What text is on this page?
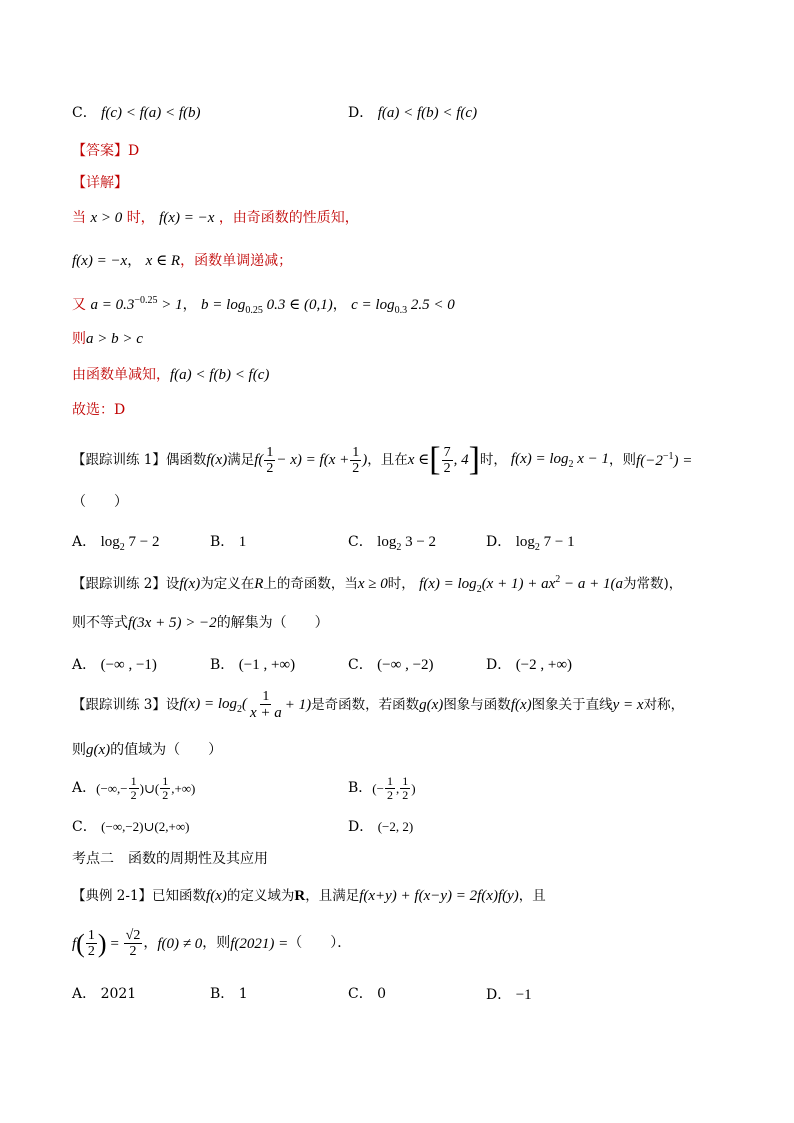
C． f(c) < f(a) < f(b)	D． f(a) < f(b) < f(c)
【答案】D
【详解】
当 x > 0 时， f(x) = −x ，由奇函数的性质知，
f(x) = −x， x ∈ R，函数单调递减；
又 $a = 0.3^{-0.25} > 1$， $b = \log_{0.25} 0.3$ ∈ (0,1)， $c = \log_{0.3} 2.5 < 0$
则a > b > c
由函数单减知，f(a) < f(b) < f(c)
故选：D
【跟踪训练 1】 偶函数 f(x) 满足 $f( \frac{1}{2} - x) = f(x + \frac{1}{2}$ ) ，且在 x ∈ [ $\frac{7}{2}$ , 4 ] 时， $f(x) = \log_2 x - 1$ ，则 $f(-2^{-1})$ =
（　　）
A． $\log_2 7 - 2$	B． 1	C． $\log_2 3 - 2$	D． $\log_2 7 - 1$
【跟踪训练 2】设f(x)为定义在R上的奇函数，当x ≥ 0时， $f(x) = \log_2(x + 1) + ax^2 - a + 1(a$为常数)，
则不等式f(3x + 5) > −2的解集为（　　）
A． (−∞ , −1)	B． (−1 , +∞)	C． (−∞ , −2)	D． (−2 , +∞)
【跟踪训练 3】 设 $f(x) = \log_2( \frac{1}{x + a} + 1)$ 是奇函数，若函数 g(x) 图象与函数 f(x) 图象关于直线 y = x 对称，
则g(x)的值域为（　　）
A． (−∞,− $\frac{1}{2}$ )∪( $\frac{1}{2}$ ,+∞)	B． (− $\frac{1}{2}$ , $\frac{1}{2}$ )
C． (−∞,−2)∪(2,+∞)	D． (−2, 2)
考点二　函数的周期性及其应用
【典例 2-1】已知函数f(x)的定义域为R，且满足f(x+y) + f(x−y) = 2f(x)f(y)，且
f ( $\frac{1}{2}$ ) = $\frac{√2}{2}$ ， f(0) ≠ 0 ，则 f(2021) = （　　）．
A． 2021	B． 1	C． 0	D． −1
